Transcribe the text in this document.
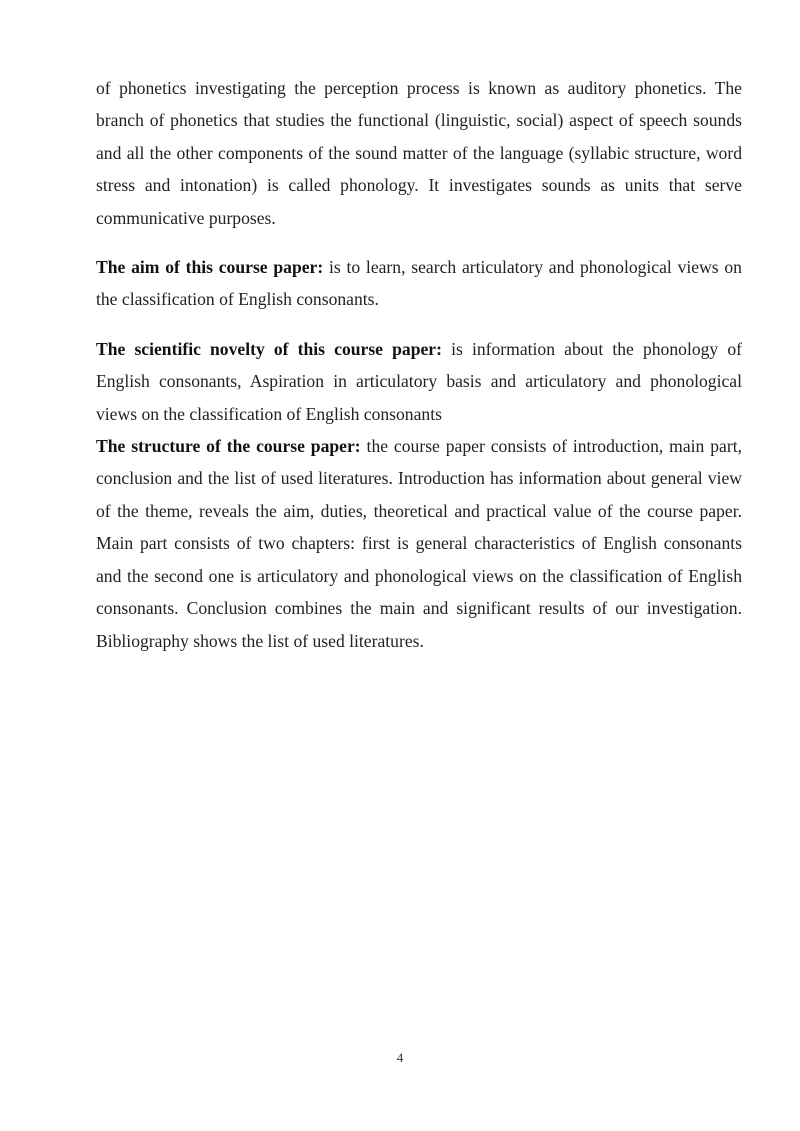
of phonetics investigating the perception process is known as auditory phonetics. The branch of phonetics that studies the functional (linguistic, social) aspect of speech sounds and all the other components of the sound matter of the language (syllabic structure, word stress and intonation) is called phonology. It investigates sounds as units that serve communicative purposes.

The aim of this course paper: is to learn, search articulatory and phonological views on the classification of English consonants.

The scientific novelty of this course paper: is information about the phonology of English consonants, Aspiration in articulatory basis and articulatory and phonological views on the classification of English consonants

The structure of the course paper: the course paper consists of introduction, main part, conclusion and the list of used literatures. Introduction has information about general view of the theme, reveals the aim, duties, theoretical and practical value of the course paper. Main part consists of two chapters: first is general characteristics of English consonants and the second one is articulatory and phonological views on the classification of English consonants. Conclusion combines the main and significant results of our investigation. Bibliography shows the list of used literatures.

4
